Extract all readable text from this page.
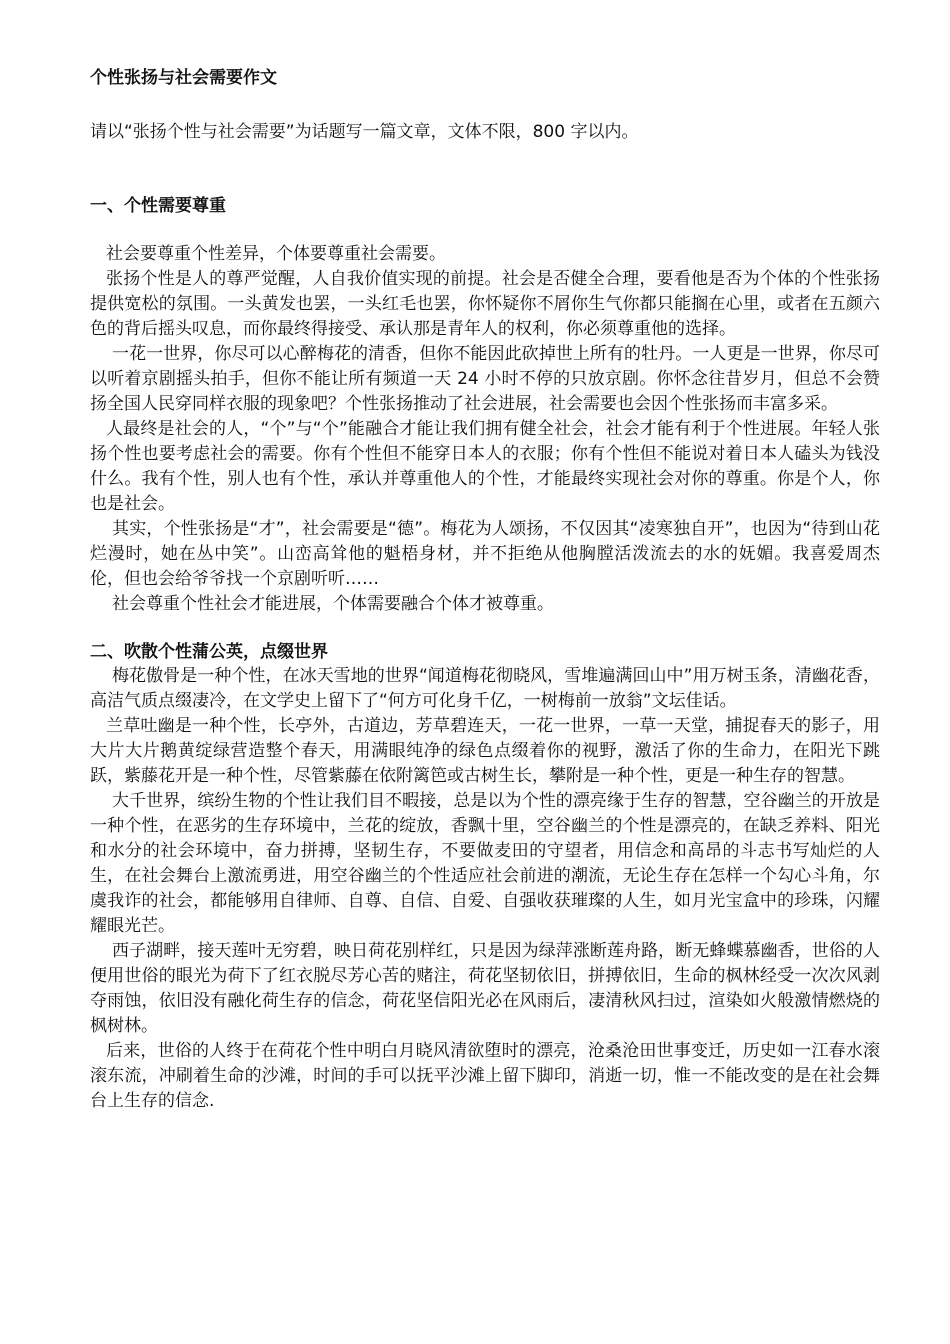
个性张扬与社会需要作文

请以“张扬个性与社会需要”为话题写一篇文章，文体不限，800 字以内。

一、个性需要尊重

社会要尊重个性差异，个体要尊重社会需要。

张扬个性是人的尊严觉醒，人自我价值实现的前提。社会是否健全合理，要看他是否为个体的个性张扬提供宽松的氛围。一头黄发也罢，一头红毛也罢，你怀疑你不屑你生气你都只能搁在心里，或者在五颜六色的背后摇头叹息，而你最终得接受、承认那是青年人的权利，你必须尊重他的选择。

一花一世界，你尽可以心醉梅花的清香，但你不能因此砍掉世上所有的牡丹。一人更是一世界，你尽可以听着京剧摇头拍手，但你不能让所有频道一天 24 小时不停的只放京剧。你怀念往昔岁月，但总不会赞扬全国人民穿同样衣服的现象吧？个性张扬推动了社会进展，社会需要也会因个性张扬而丰富多采。

人最终是社会的人，“个”与“个”能融合才能让我们拥有健全社会，社会才能有利于个性进展。年轻人张扬个性也要考虑社会的需要。你有个性但不能穿日本人的衣服；你有个性但不能说对着日本人磕头为钱没什么。我有个性，别人也有个性，承认并尊重他人的个性，才能最终实现社会对你的尊重。你是个人，你也是社会。

其实，个性张扬是“才”，社会需要是“德”。梅花为人颂扬，不仅因其“凌寒独自开”，也因为“待到山花烂漫时，她在丛中笑”。山峦高耸他的魁梧身材，并不拒绝从他胸膛活泼流去的水的妩媚。我喜爱周杰伦，但也会给爷爷找一个京剧听听……

社会尊重个性社会才能进展，个体需要融合个体才被尊重。

二、吹散个性蒲公英，点缀世界

梅花傲骨是一种个性，在冰天雪地的世界“闻道梅花彻晓风，雪堆遍满回山中”用万树玉条，清幽花香，高洁气质点缀凄冷，在文学史上留下了“何方可化身千亿，一树梅前一放翁”文坛佳话。

兰草吐幽是一种个性，长亭外，古道边，芳草碧连天，一花一世界，一草一天堂，捕捉春天的影子，用大片大片鹅黄绽绿营造整个春天，用满眼纯净的绿色点缀着你的视野，激活了你的生命力，在阳光下跳跃，紫藤花开是一种个性，尽管紫藤在依附篱笆或古树生长，攀附是一种个性，更是一种生存的智慧。

大千世界，缤纷生物的个性让我们目不暇接，总是以为个性的漂亮缘于生存的智慧，空谷幽兰的开放是一种个性，在恶劣的生存环境中，兰花的绽放，香飘十里，空谷幽兰的个性是漂亮的，在缺乏养料、阳光和水分的社会环境中，奋力拼搏，坚韧生存，不要做麦田的守望者，用信念和高昂的斗志书写灿烂的人生，在社会舞台上激流勇进，用空谷幽兰的个性适应社会前进的潮流，无论生存在怎样一个勾心斗角，尔虞我诈的社会，都能够用自律师、自尊、自信、自爱、自强收获璀璨的人生，如月光宝盒中的珍珠，闪耀耀眼光芒。

西子湖畔，接天莲叶无穷碧，映日荷花别样红，只是因为绿萍涨断莲舟路，断无蜂蝶慕幽香，世俗的人便用世俗的眼光为荷下了红衣脱尽芳心苦的赌注，荷花坚韧依旧，拼搏依旧，生命的枫林经受一次次风剥夺雨蚀，依旧没有融化荷生存的信念，荷花坚信阳光必在风雨后，凄清秋风扫过，渲染如火般激情燃烧的枫树林。

后来，世俗的人终于在荷花个性中明白月晓风清欲堕时的漂亮，沧桑沧田世事变迁，历史如一江春水滚滚东流，冲刷着生命的沙滩，时间的手可以抚平沙滩上留下脚印，消逝一切，惟一不能改变的是在社会舞台上生存的信念.
